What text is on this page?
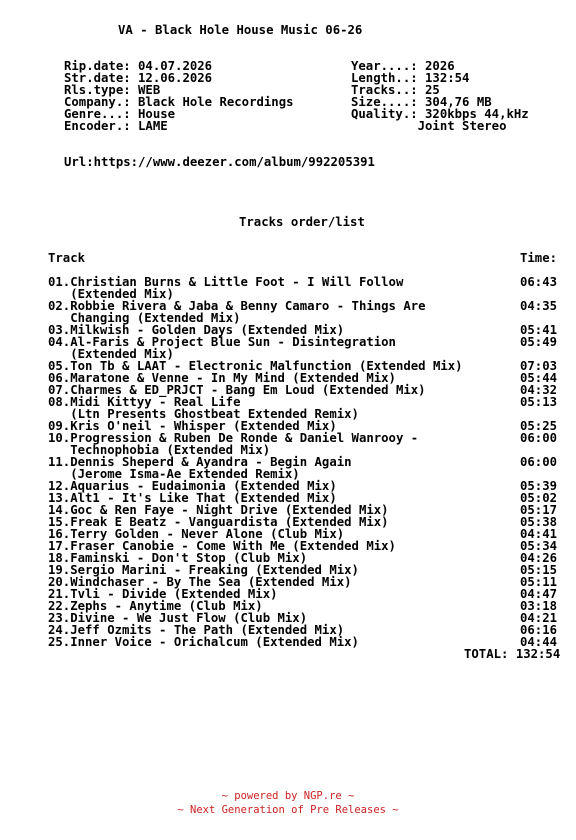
VA - Black Hole House Music 06-26
Rip.date: 04.07.2026
Str.date: 12.06.2026
Rls.type: WEB
Company.: Black Hole Recordings
Genre...: House
Encoder.: LAME
Year....: 2026
Length..: 132:54
Tracks..: 25
Size....: 304,76 MB
Quality.: 320kbps 44,kHz
Joint Stereo
Url:https://www.deezer.com/album/992205391
Tracks order/list
Track	Time:
01.Christian Burns & Little Foot - I Will Follow
(Extended Mix)
06:43
02.Robbie Rivera & Jaba & Benny Camaro - Things Are
Changing (Extended Mix)
04:35
03.Milkwish - Golden Days (Extended Mix)	05:41
04.Al-Faris & Project Blue Sun - Disintegration
(Extended Mix)
05:49
05.Ton Tb & LAAT - Electronic Malfunction (Extended Mix)	07:03
06.Maratone & Venne - In My Mind (Extended Mix)	05:44
07.Charmes & ED_PRJCT - Bang Em Loud (Extended Mix)	04:32
08.Midi Kittyy - Real Life
(Ltn Presents Ghostbeat Extended Remix)
05:13
09.Kris O'neil - Whisper (Extended Mix)	05:25
10.Progression & Ruben De Ronde & Daniel Wanrooy -
Technophobia (Extended Mix)
06:00
11.Dennis Sheperd & Ayandra - Begin Again
(Jerome Isma-Ae Extended Remix)
06:00
12.Aquarius - Eudaimonia (Extended Mix)	05:39
13.Alt1 - It's Like That (Extended Mix)	05:02
14.Goc & Ren Faye - Night Drive (Extended Mix)	05:17
15.Freak E Beatz - Vanguardista (Extended Mix)	05:38
16.Terry Golden - Never Alone (Club Mix)	04:41
17.Fraser Canobie - Come With Me (Extended Mix)	05:34
18.Faminski - Don't Stop (Club Mix)	04:26
19.Sergio Marini - Freaking (Extended Mix)	05:15
20.Windchaser - By The Sea (Extended Mix)	05:11
21.Tvli - Divide (Extended Mix)	04:47
22.Zephs - Anytime (Club Mix)	03:18
23.Divine - We Just Flow (Club Mix)	04:21
24.Jeff Ozmits - The Path (Extended Mix)	06:16
25.Inner Voice - Orichalcum (Extended Mix)	04:44
TOTAL: 132:54
~ powered by NGP.re ~
~ Next Generation of Pre Releases ~
